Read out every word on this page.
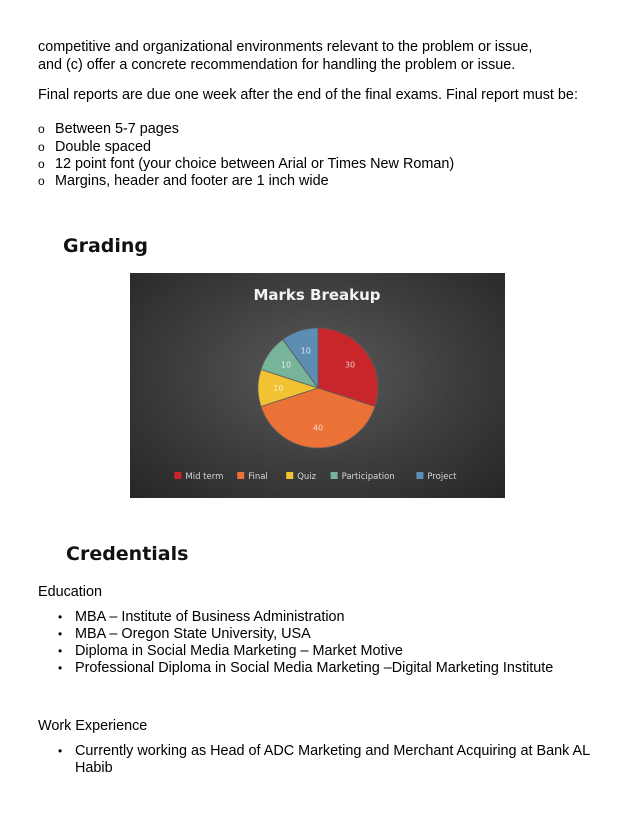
competitive and organizational environments relevant to the problem or issue,
and (c) offer a concrete recommendation for handling the problem or issue.
Final reports are due one week after the end of the final exams. Final report must be:
o Between 5-7 pages
o Double spaced
o 12 point font (your choice between Arial or Times New Roman)
o Margins, header and footer are 1 inch wide
Grading
Marks Breakup
30
40
10
10
10
Mid term	Final	Quiz	Participation	Project
Credentials
Education
• MBA – Institute of Business Administration
• MBA – Oregon State University, USA
• Diploma in Social Media Marketing – Market Motive
• Professional Diploma in Social Media Marketing –Digital Marketing Institute
Work Experience
• Currently working as Head of ADC Marketing and Merchant Acquiring at Bank AL
Habib
